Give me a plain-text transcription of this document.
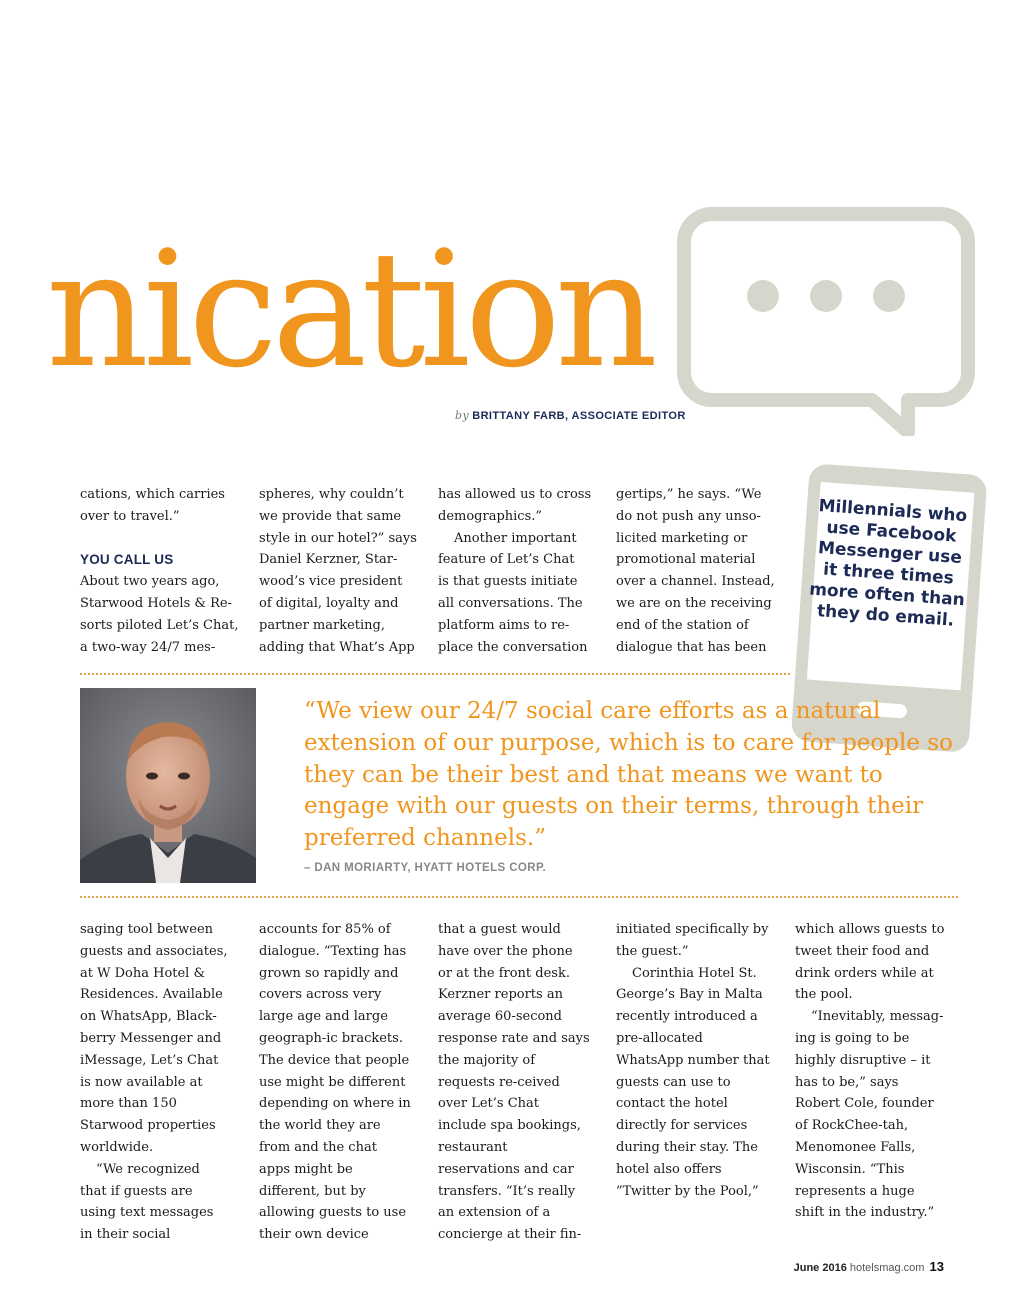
nication
by BRITTANY FARB, ASSOCIATE EDITOR

cations, which carries

over to travel.”

YOU CALL US

About two years ago,

Starwood Hotels & Re-

sorts piloted Let’s Chat,

a two-way 24/7 mes-

spheres, why couldn’t

we provide that same

style in our hotel?” says

Daniel Kerzner, Star-

wood’s vice president

of digital, loyalty and

partner marketing,

adding that What’s App

has allowed us to cross

demographics.”

Another important

feature of Let’s Chat

is that guests initiate

all conversations. The

platform aims to re-

place the conversation

gertips,” he says. “We

do not push any unso-

licited marketing or

promotional material

over a channel. Instead,

we are on the receiving

end of the station of

dialogue that has been

Millennials who use Facebook Messenger use it three times more often than they do email.

“We view our 24/7 social care efforts as a natural extension of our purpose, which is to care for people so they can be their best and that means we want to engage with our guests on their terms, through their preferred channels.”

– DAN MORIARTY, HYATT HOTELS CORP.

saging tool between guests and associates, at W Doha Hotel & Residences. Available on WhatsApp, Black-berry Messenger and iMessage, Let’s Chat is now available at more than 150 Starwood properties worldwide.

“We recognized that if guests are using text messages in their social

accounts for 85% of dialogue. “Texting has grown so rapidly and covers across very large age and large geograph-ic brackets. The device that people use might be different depending on where in the world they are from and the chat apps might be different, but by allowing guests to use their own device

that a guest would have over the phone or at the front desk. Kerzner reports an average 60-second response rate and says the majority of requests re-ceived over Let’s Chat include spa bookings, restaurant reservations and car transfers. “It’s really an extension of a concierge at their fin-

initiated specifically by the guest.”

Corinthia Hotel St. George’s Bay in Malta recently introduced a pre-allocated WhatsApp number that guests can use to contact the hotel directly for services during their stay. The hotel also offers ”Twitter by the Pool,”

which allows guests to tweet their food and drink orders while at the pool.

“Inevitably, messag-ing is going to be highly disruptive – it has to be,” says Robert Cole, founder of RockChee-tah, Menomonee Falls, Wisconsin. “This represents a huge shift in the industry.”

June 2016 hotelsmag.com 13
